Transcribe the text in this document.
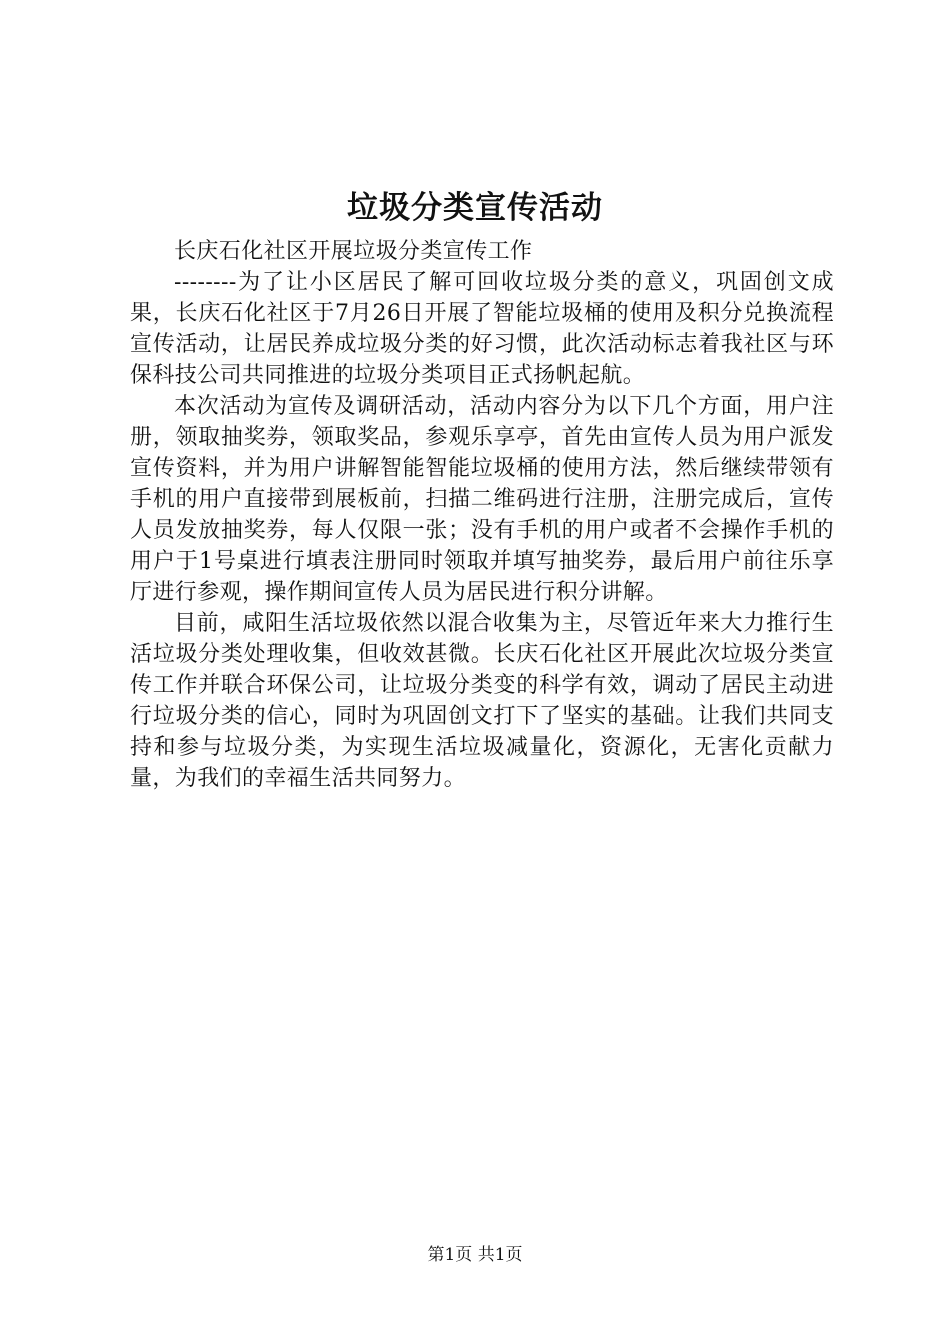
垃圾分类宣传活动

长庆石化社区开展垃圾分类宣传工作

--------为了让小区居民了解可回收垃圾分类的意义，巩固创文成果，长庆石化社区于7月26日开展了智能垃圾桶的使用及积分兑换流程宣传活动，让居民养成垃圾分类的好习惯，此次活动标志着我社区与环保科技公司共同推进的垃圾分类项目正式扬帆起航。

本次活动为宣传及调研活动，活动内容分为以下几个方面，用户注册，领取抽奖券，领取奖品，参观乐享亭，首先由宣传人员为用户派发宣传资料，并为用户讲解智能智能垃圾桶的使用方法，然后继续带领有手机的用户直接带到展板前，扫描二维码进行注册，注册完成后，宣传人员发放抽奖券，每人仅限一张；没有手机的用户或者不会操作手机的用户于1号桌进行填表注册同时领取并填写抽奖券，最后用户前往乐享厅进行参观，操作期间宣传人员为居民进行积分讲解。

目前，咸阳生活垃圾依然以混合收集为主，尽管近年来大力推行生活垃圾分类处理收集，但收效甚微。长庆石化社区开展此次垃圾分类宣传工作并联合环保公司，让垃圾分类变的科学有效，调动了居民主动进行垃圾分类的信心，同时为巩固创文打下了坚实的基础。让我们共同支持和参与垃圾分类，为实现生活垃圾减量化，资源化，无害化贡献力量，为我们的幸福生活共同努力。

第1页 共1页
